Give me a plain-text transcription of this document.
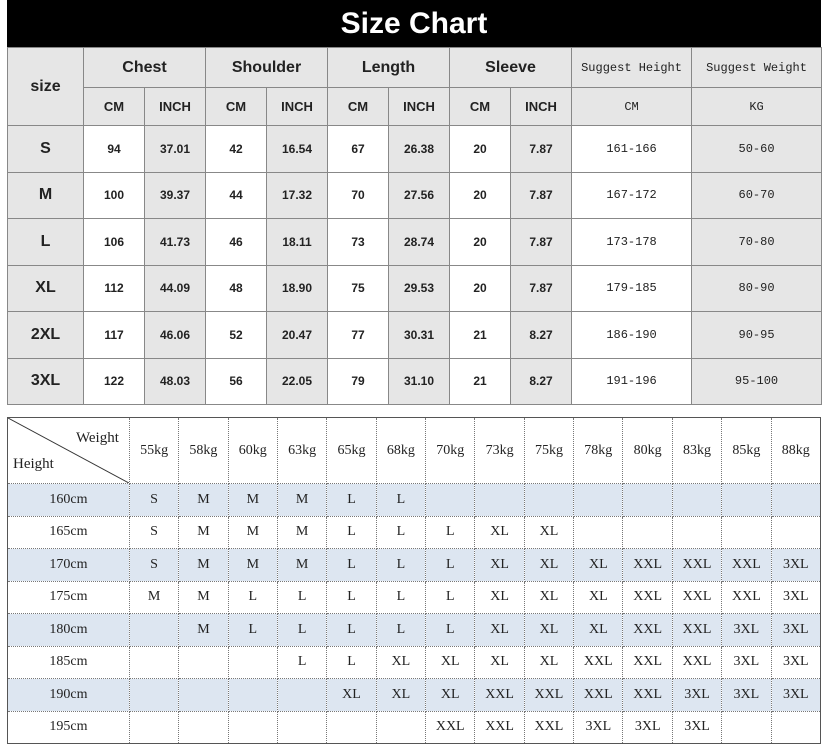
Size Chart
size	Chest		Shoulder		Length		Sleeve		Suggest Height	Suggest Weight
	CM	INCH	CM	INCH	CM	INCH	CM	INCH	CM	KG
S	94	37.01	42	16.54	67	26.38	20	7.87	161-166	50-60
M	100	39.37	44	17.32	70	27.56	20	7.87	167-172	60-70
L	106	41.73	46	18.11	73	28.74	20	7.87	173-178	70-80
XL	112	44.09	48	18.90	75	29.53	20	7.87	179-185	80-90
2XL	117	46.06	52	20.47	77	30.31	21	8.27	186-190	90-95
3XL	122	48.03	56	22.05	79	31.10	21	8.27	191-196	95-100
Weight
Height	55kg	58kg	60kg	63kg	65kg	68kg	70kg	73kg	75kg	78kg	80kg	83kg	85kg	88kg
160cm	S	M	M	M	L	L								
165cm	S	M	M	M	L	L	L	XL	XL					
170cm	S	M	M	M	L	L	L	XL	XL	XL	XXL	XXL	XXL	3XL
175cm	M	M	L	L	L	L	L	XL	XL	XL	XXL	XXL	XXL	3XL
180cm		M	L	L	L	L	L	XL	XL	XL	XXL	XXL	3XL	3XL
185cm				L	L	XL	XL	XL	XL	XXL	XXL	XXL	3XL	3XL
190cm					XL	XL	XL	XXL	XXL	XXL	XXL	3XL	3XL	3XL
195cm							XXL	XXL	XXL	3XL	3XL	3XL		
